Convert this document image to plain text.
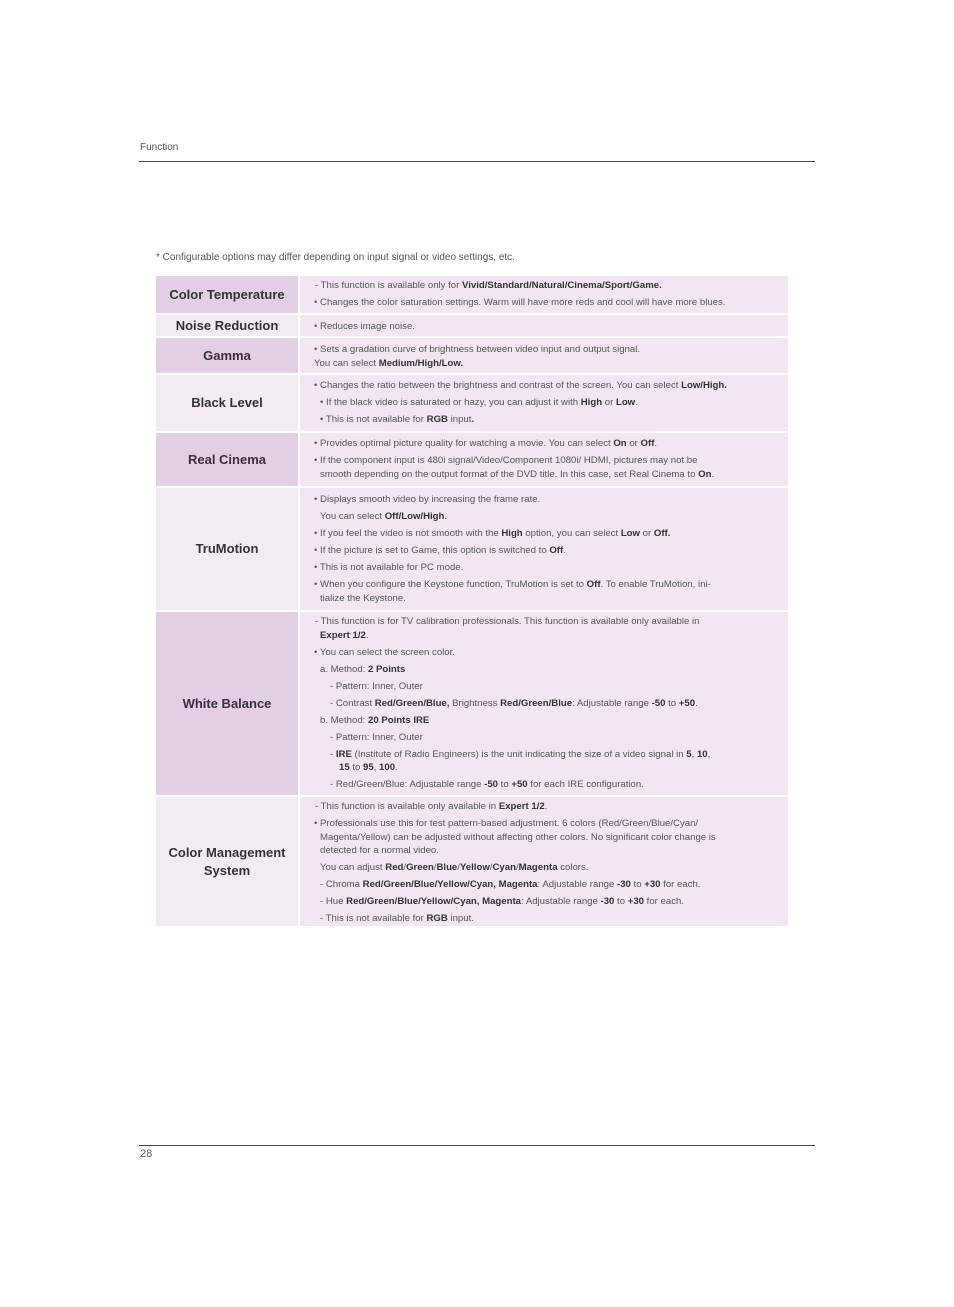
Function
* Configurable options may differ depending on input signal or video settings, etc.
Color Temperature
- This function is available only for Vivid/Standard/Natural/Cinema/Sport/Game.
• Changes the color saturation settings. Warm will have more reds and cool will have more blues.
Noise Reduction	• Reduces image noise.
Gamma	• Sets a gradation curve of brightness between video input and output signal.
You can select Medium/High/Low.
Black Level
• Changes the ratio between the brightness and contrast of the screen. You can select Low/High.
• If the black video is saturated or hazy, you can adjust it with High or Low.
• This is not available for RGB input.
Real Cinema
• Provides optimal picture quality for watching a movie. You can select On or Off.
• If the component input is 480i signal/Video/Component 1080i/ HDMI, pictures may not be
smooth depending on the output format of the DVD title. In this case, set Real Cinema to On.
TruMotion
• Displays smooth video by increasing the frame rate.
You can select Off/Low/High.
• If you feel the video is not smooth with the High option, you can select Low or Off.
• If the picture is set to Game, this option is switched to Off.
• This is not available for PC mode.
• When you configure the Keystone function, TruMotion is set to Off. To enable TruMotion, ini-
tialize the Keystone.
White Balance
- This function is for TV calibration professionals. This function is available only available in
Expert 1/2.
• You can select the screen color.
a. Method: 2 Points
- Pattern: Inner, Outer
- Contrast Red/Green/Blue, Brightness Red/Green/Blue: Adjustable range -50 to +50.
b. Method: 20 Points IRE
- Pattern: Inner, Outer
- IRE (Institute of Radio Engineers) is the unit indicating the size of a video signal in 5, 10,
15 to 95, 100.
- Red/Green/Blue: Adjustable range -50 to +50 for each IRE configuration.
Color Management System
- This function is available only available in Expert 1/2.
• Professionals use this for test pattern-based adjustment. 6 colors (Red/Green/Blue/Cyan/
Magenta/Yellow) can be adjusted without affecting other colors. No significant color change is
detected for a normal video.
You can adjust Red/Green/Blue/Yellow/Cyan/Magenta colors.
- Chroma Red/Green/Blue/Yellow/Cyan, Magenta: Adjustable range -30 to +30 for each.
- Hue Red/Green/Blue/Yellow/Cyan, Magenta: Adjustable range -30 to +30 for each.
- This is not available for RGB input.
28
